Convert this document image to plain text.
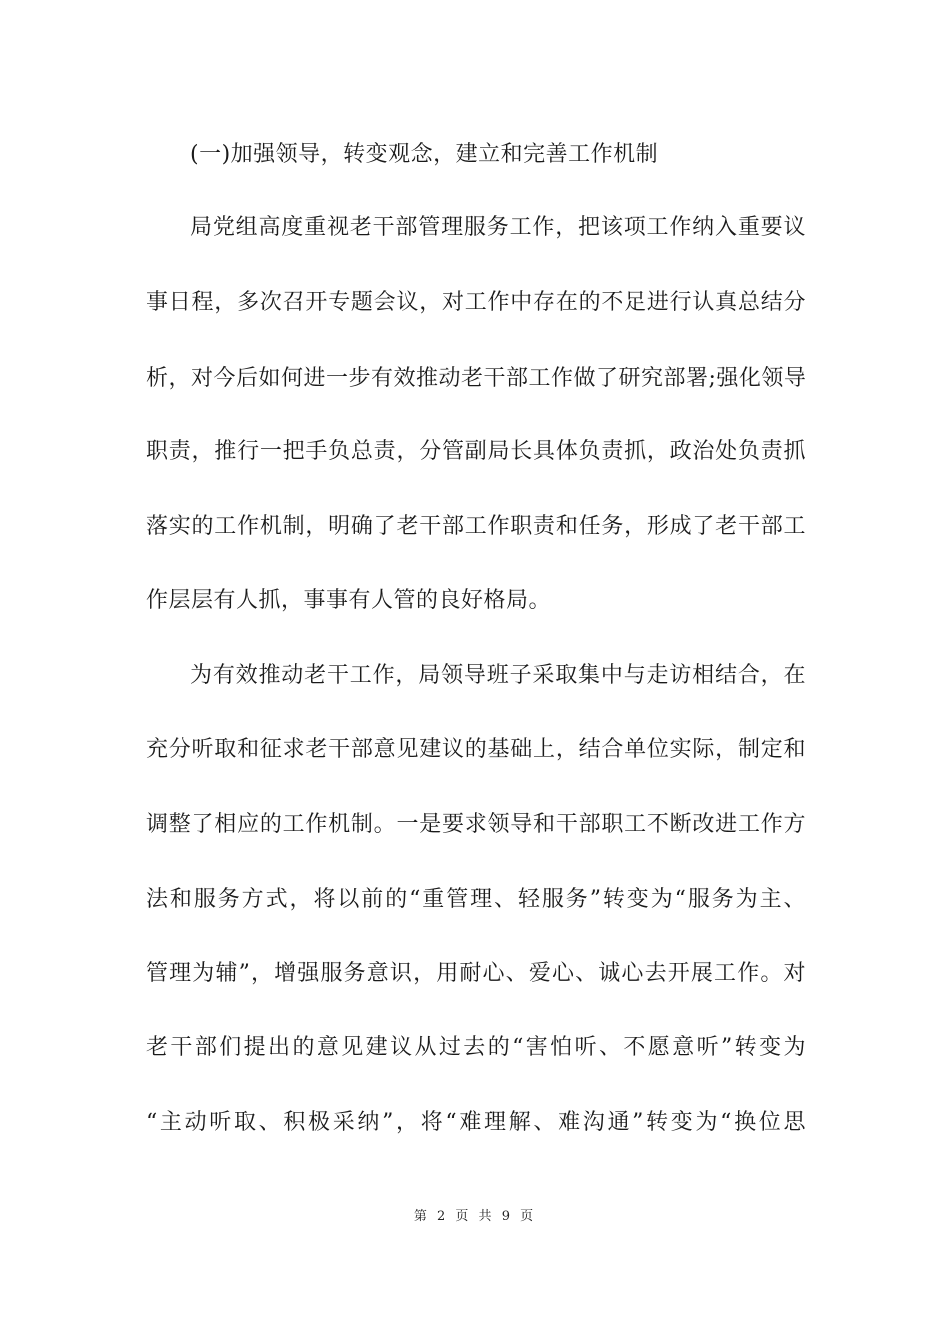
(一)加强领导，转变观念，建立和完善工作机制
局党组高度重视老干部管理服务工作，把该项工作纳入重要议
事日程，多次召开专题会议，对工作中存在的不足进行认真总结分
析，对今后如何进一步有效推动老干部工作做了研究部署;强化领导
职责，推行一把手负总责，分管副局长具体负责抓，政治处负责抓
落实的工作机制，明确了老干部工作职责和任务，形成了老干部工
作层层有人抓，事事有人管的良好格局。
为有效推动老干工作，局领导班子采取集中与走访相结合，在
充分听取和征求老干部意见建议的基础上，结合单位实际，制定和
调整了相应的工作机制。一是要求领导和干部职工不断改进工作方
法和服务方式，将以前的“重管理、轻服务”转变为“服务为主、
管理为辅”，增强服务意识，用耐心、爱心、诚心去开展工作。对
老干部们提出的意见建议从过去的“害怕听、不愿意听”转变为
“主动听取、积极采纳”，将“难理解、难沟通”转变为“换位思
第 2 页 共 9 页
